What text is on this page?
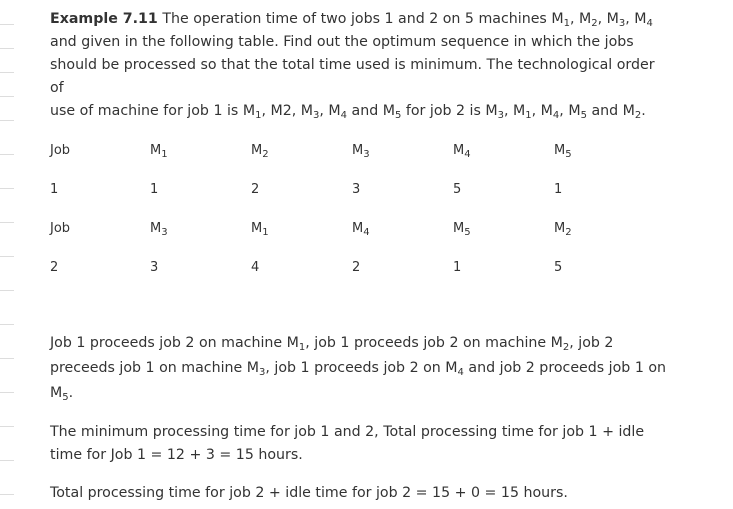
Example 7.11 The operation time of two jobs 1 and 2 on 5 machines $M_1$, $M_2$, $M_3$, $M_4$

and given in the following table. Find out the optimum sequence in which the jobs

should be processed so that the total time used is minimum. The technological order of

use of machine for job 1 is $M_1$, M2, $M_3$, $M_4$ and $M_5$ for job 2 is $M_3$, $M_1$, $M_4$, $M_5$ and $M_2$.

Job	$M_1$	$M_2$	$M_3$	$M_4$	$M_5$
1	1	2	3	5	1
Job	$M_3$	$M_1$	$M_4$	$M_5$	$M_2$
2	3	4	2	1	5

Job 1 proceeds job 2 on machine $M_1$, job 1 proceeds job 2 on machine $M_2$, job 2 preceeds job 1 on machine $M_3$, job 1 proceeds job 2 on $M_4$ and job 2 proceeds job 1 on $M_5$.

The minimum processing time for job 1 and 2, Total processing time for job 1 + idle time for Job 1 = 12 + 3 = 15 hours.

Total processing time for job 2 + idle time for job 2 = 15 + 0 = 15 hours.
